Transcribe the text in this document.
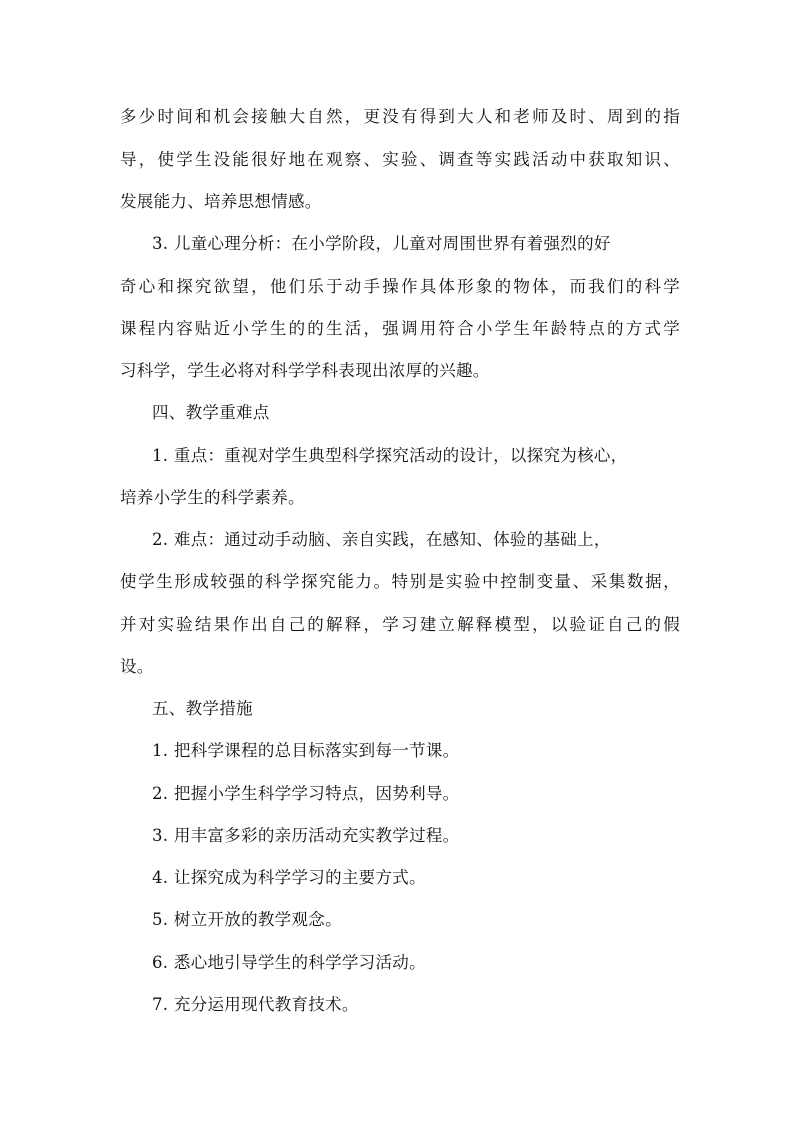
多少时间和机会接触大自然，更没有得到大人和老师及时、周到的指
导，使学生没能很好地在观察、实验、调查等实践活动中获取知识、
发展能力、培养思想情感。
3. 儿童心理分析：在小学阶段，儿童对周围世界有着强烈的好
奇心和探究欲望，他们乐于动手操作具体形象的物体，而我们的科学
课程内容贴近小学生的的生活，强调用符合小学生年龄特点的方式学
习科学，学生必将对科学学科表现出浓厚的兴趣。
四、教学重难点
1. 重点：重视对学生典型科学探究活动的设计，以探究为核心，
培养小学生的科学素养。
2. 难点：通过动手动脑、亲自实践，在感知、体验的基础上，
使学生形成较强的科学探究能力。特别是实验中控制变量、采集数据，
并对实验结果作出自己的解释，学习建立解释模型，以验证自己的假
设。
五、教学措施
1. 把科学课程的总目标落实到每一节课。
2. 把握小学生科学学习特点，因势利导。
3. 用丰富多彩的亲历活动充实教学过程。
4. 让探究成为科学学习的主要方式。
5. 树立开放的教学观念。
6. 悉心地引导学生的科学学习活动。
7. 充分运用现代教育技术。
